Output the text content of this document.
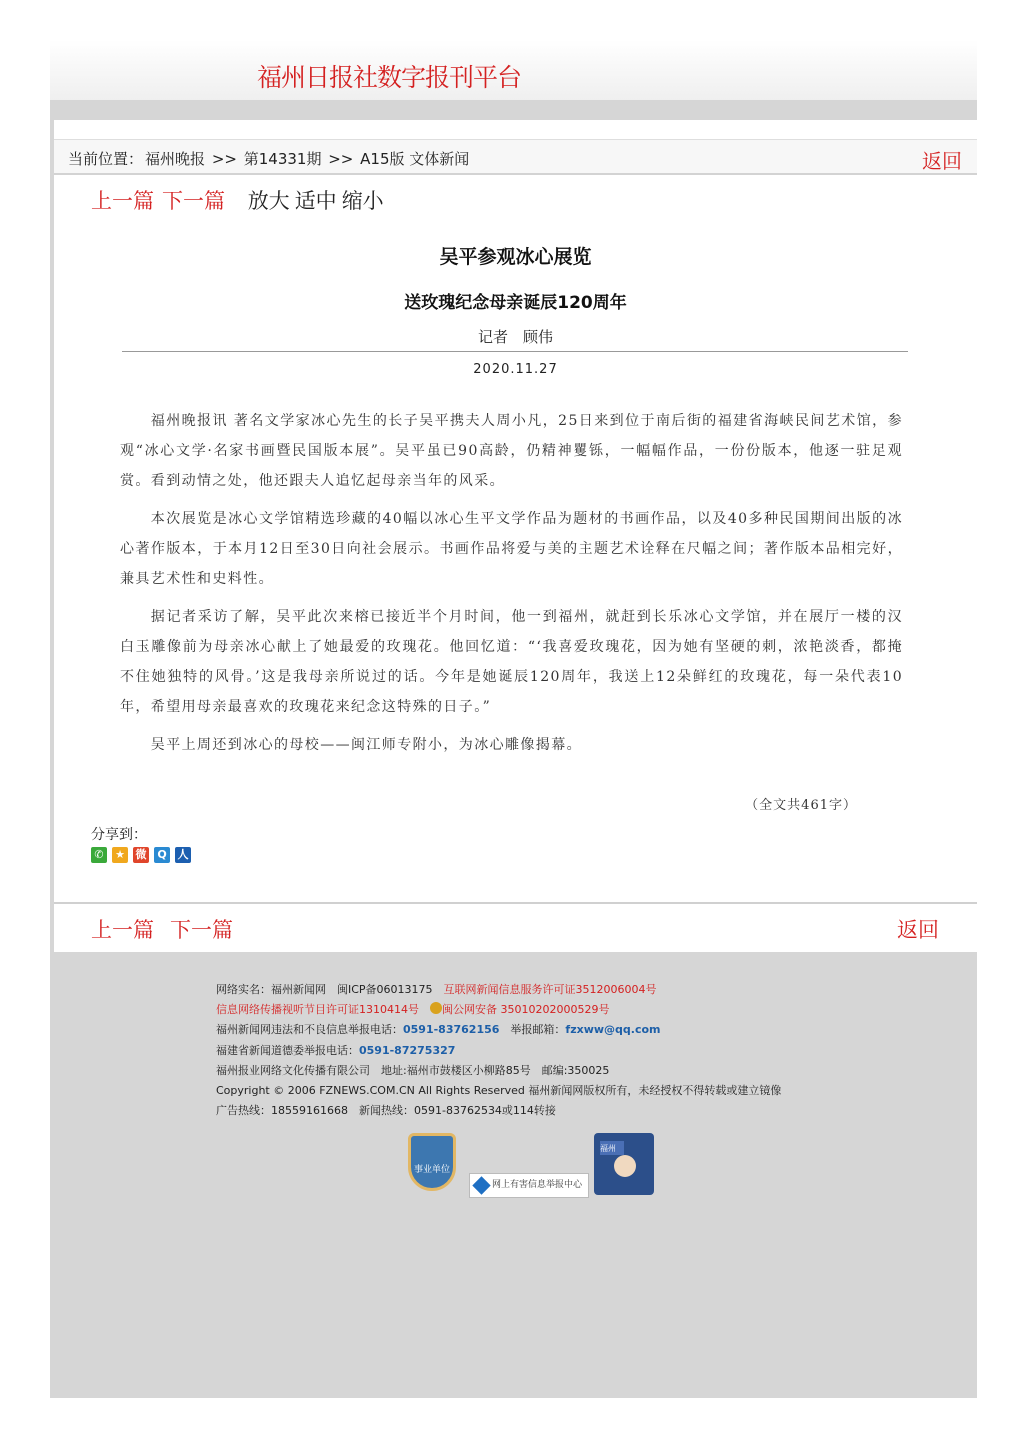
福州日报社数字报刊平台
当前位置： 福州晚报 >> 第14331期 >> A15版 文体新闻	返回
上一篇 下一篇 放大 适中 缩小
吴平参观冰心展览
送玫瑰纪念母亲诞辰120周年
记者　顾伟
2020.11.27

福州晚报讯 著名文学家冰心先生的长子吴平携夫人周小凡，25日来到位于南后街的福建省海峡民间艺术馆，参观“冰心文学·名家书画暨民国版本展”。吴平虽已90高龄，仍精神矍铄，一幅幅作品，一份份版本，他逐一驻足观赏。看到动情之处，他还跟夫人追忆起母亲当年的风采。

本次展览是冰心文学馆精选珍藏的40幅以冰心生平文学作品为题材的书画作品，以及40多种民国期间出版的冰心著作版本，于本月12日至30日向社会展示。书画作品将爱与美的主题艺术诠释在尺幅之间；著作版本品相完好，兼具艺术性和史料性。

据记者采访了解，吴平此次来榕已接近半个月时间，他一到福州，就赶到长乐冰心文学馆，并在展厅一楼的汉白玉雕像前为母亲冰心献上了她最爱的玫瑰花。他回忆道：“‘我喜爱玫瑰花，因为她有坚硬的刺，浓艳淡香，都掩不住她独特的风骨。’这是我母亲所说过的话。今年是她诞辰120周年，我送上12朵鲜红的玫瑰花，每一朵代表10年，希望用母亲最喜欢的玫瑰花来纪念这特殊的日子。”

吴平上周还到冰心的母校——闽江师专附小，为冰心雕像揭幕。

（全文共461字）
分享到：
✆	★ 微 Q 人
上一篇 下一篇	返回
网络实名：福州新闻网　闽ICP备06013175　互联网新闻信息服务许可证3512006004号
信息网络传播视听节目许可证1310414号　 闽公网安备 35010202000529号
福州新闻网违法和不良信息举报电话：0591-83762156　举报邮箱：fzxww@qq.com
福建省新闻道德委举报电话：0591-87275327
福州报业网络文化传播有限公司　地址:福州市鼓楼区小柳路85号　邮编:350025
Copyright © 2006 FZNEWS.COM.CN All Rights Reserved 福州新闻网版权所有，未经授权不得转载或建立镜像
广告热线：18559161668　新闻热线：0591-83762534或114转接
事业单位
网上有害信息举报中心
福州
